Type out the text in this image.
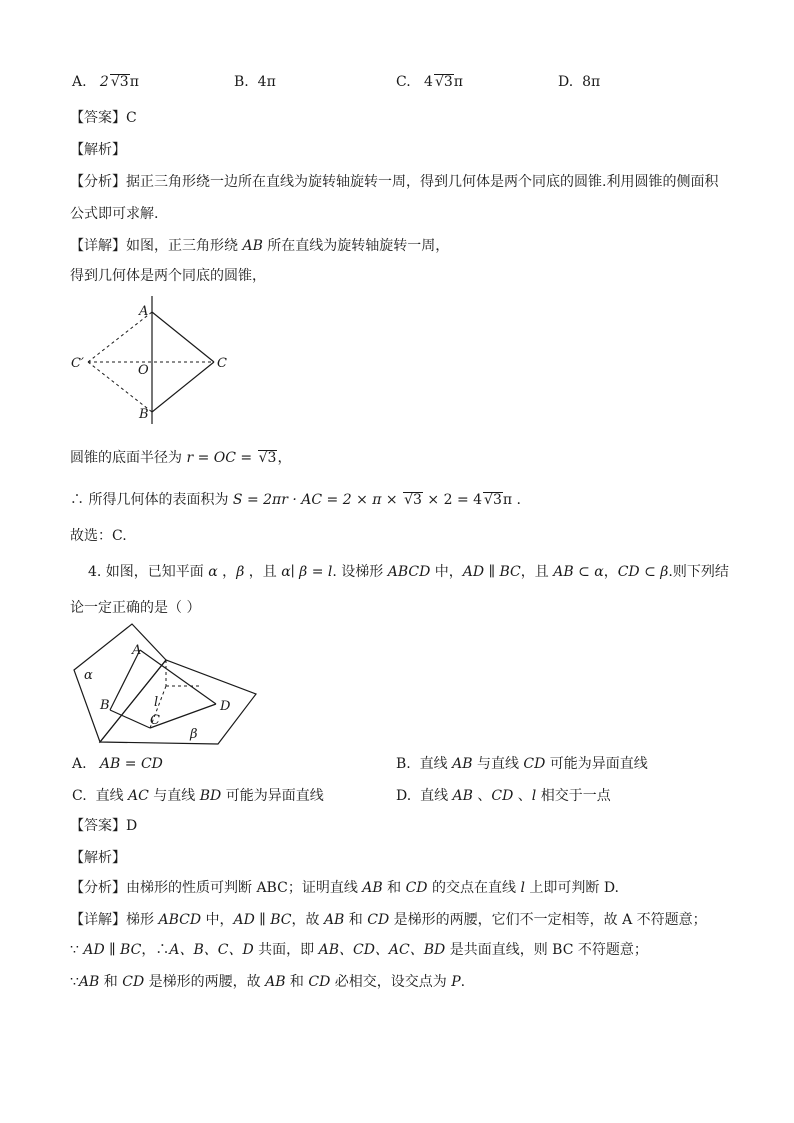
A. 2 √3π	B. 4π	C. 4 √3π	D. 8π
【答案】C
【解析】
【分析】据正三角形绕一边所在直线为旋转轴旋转一周，得到几何体是两个同底的圆锥.利用圆锥的侧面积
公式即可求解.
【详解】如图，正三角形绕 AB 所在直线为旋转轴旋转一周，
得到几何体是两个同底的圆锥，
A
B
C
C′	O
圆锥的底面半径为 r = OC = √3，
∴ 所得几何体的表面积为 S = 2πr · AC = 2 × π × √3 × 2 = 4 √3π .
故选：C.
4. 如图，已知平面 α ，β ，且 α∣ β = l. 设梯形 ABCD 中，AD ∥ BC，且 AB ⊂ α，CD ⊂ β.则下列结
论一定正确的是（ ）
α
β
A
B
C
D
l
A. AB = CD	B. 直线 AB 与直线 CD 可能为异面直线
C. 直线 AC 与直线 BD 可能为异面直线	D. 直线 AB 、CD 、l 相交于一点
【答案】D
【解析】
【分析】由梯形的性质可判断 ABC；证明直线 AB 和 CD 的交点在直线 l 上即可判断 D.
【详解】梯形 ABCD 中，AD ∥ BC，故 AB 和 CD 是梯形的两腰，它们不一定相等，故 A 不符题意；
∵ AD ∥ BC，∴A、B、C、D 共面，即 AB、CD、AC、BD 是共面直线，则 BC 不符题意；
∵AB 和 CD 是梯形的两腰，故 AB 和 CD 必相交，设交点为 P.
